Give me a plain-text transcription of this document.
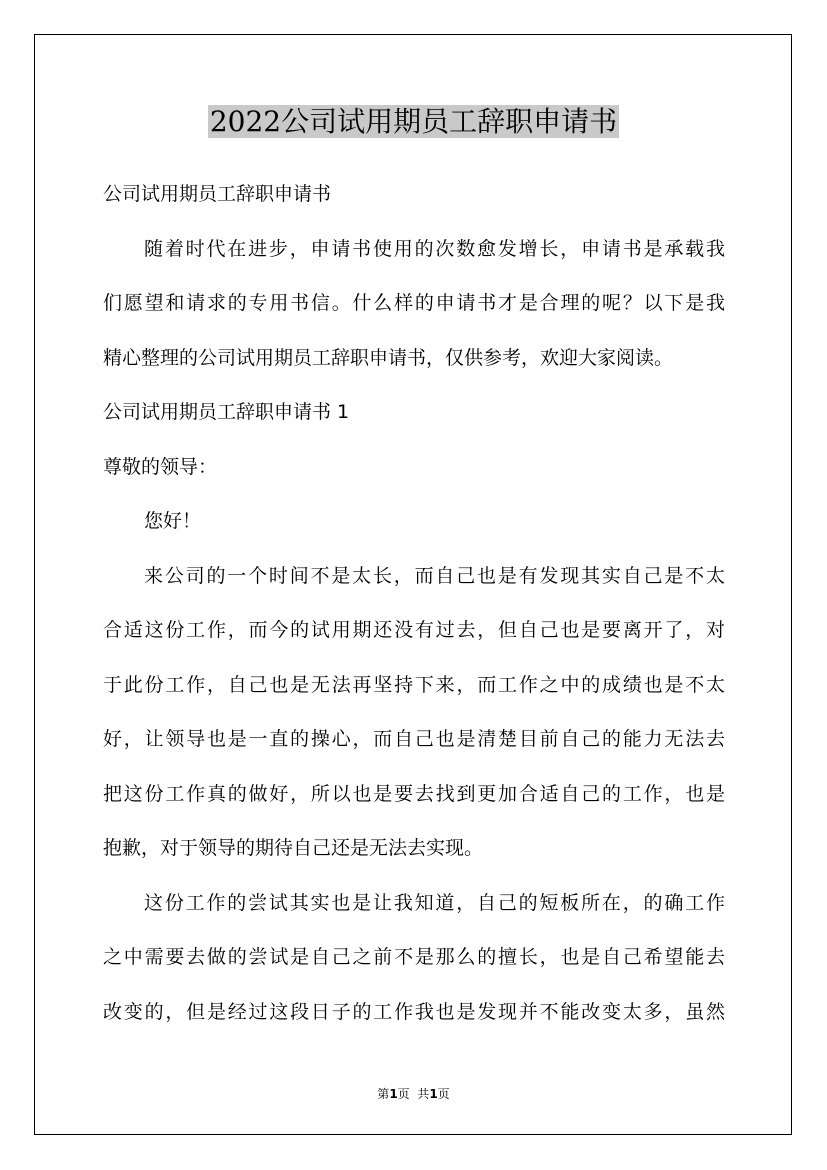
2022公司试用期员工辞职申请书
公司试用期员工辞职申请书
随着时代在进步，申请书使用的次数愈发增长，申请书是承载我
们愿望和请求的专用书信。什么样的申请书才是合理的呢？以下是我
精心整理的公司试用期员工辞职申请书，仅供参考，欢迎大家阅读。
公司试用期员工辞职申请书 1
尊敬的领导：
您好！
来公司的一个时间不是太长，而自己也是有发现其实自己是不太
合适这份工作，而今的试用期还没有过去，但自己也是要离开了，对
于此份工作，自己也是无法再坚持下来，而工作之中的成绩也是不太
好，让领导也是一直的操心，而自己也是清楚目前自己的能力无法去
把这份工作真的做好，所以也是要去找到更加合适自己的工作，也是
抱歉，对于领导的期待自己还是无法去实现。
这份工作的尝试其实也是让我知道，自己的短板所在，的确工作
之中需要去做的尝试是自己之前不是那么的擅长，也是自己希望能去
改变的，但是经过这段日子的工作我也是发现并不能改变太多，虽然
第1页  共1页
